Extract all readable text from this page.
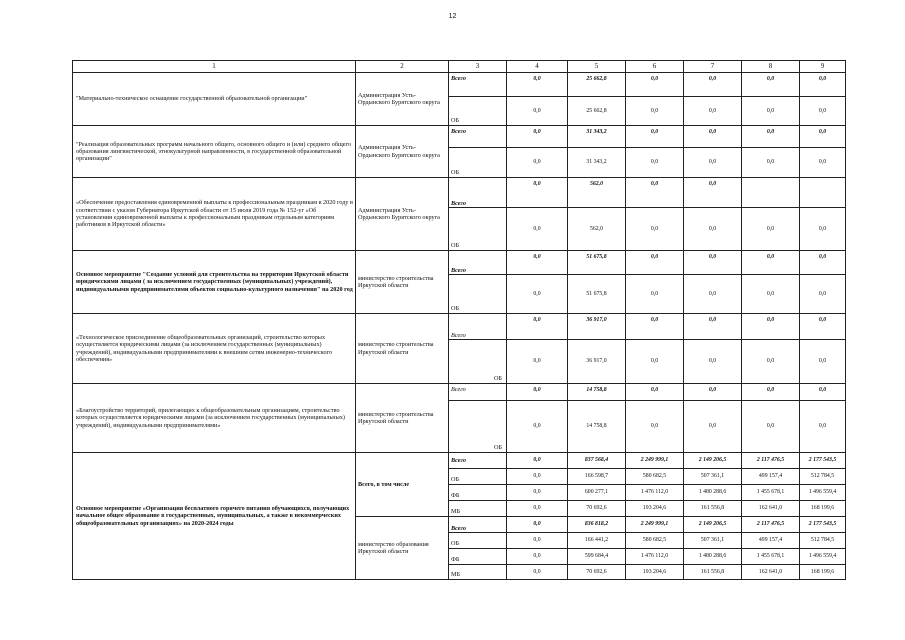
12
1	2	3	4	5	6	7	8	9
"Материально-техническое оснащение государственной образовательной организации"	Администрация Усть-Ордынского Бурятского округа	Всего	0,0	25 662,8	0,0	0,0	0,0	0,0
		ОБ	0,0	25 662,8	0,0	0,0	0,0	0,0
"Реализация образовательных программ начального общего, основного общего и (или) среднего общего образования лингвистической, этнокультурной направленности, в государственной образовательной организации"	Администрация Усть-Ордынского Бурятского округа	Всего	0,0	31 343,2	0,0	0,0	0,0	0,0
		ОБ	0,0	31 343,2	0,0	0,0	0,0	0,0
«Обеспечение предоставления единовременной выплаты к профессиональным праздникам в 2020 году в соответствии с указом Губернатора Иркутской области от 15 июля 2019 года № 152-уг «Об установлении единовременной выплаты к профессиональным праздникам отдельным категориям работников в Иркутской области»	Администрация Усть-Ордынского Бурятского округа	Всего	0,0	562,0	0,0	0,0		
		ОБ	0,0	562,0	0,0	0,0	0,0	0,0
Основное мероприятие "Создание условий для строительства на территории Иркутской области юридическими лицами ( за исключением государственных (муниципальных) учреждений), индивидуальными предпринимателями объектов социально-культурного назначения" на 2020 год	министерство строительства Иркутской области	Всего	0,0	51 675,8	0,0	0,0	0,0	0,0
		ОБ	0,0	51 675,8	0,0	0,0	0,0	0,0
«Технологическое присоединение общеобразовательных организаций, строительство которых осуществляется юридическими лицами (за исключением государственных (муниципальных) учреждений), индивидуальными предпринимателями к внешним сетям инженерно-технического обеспечения»	министерство строительства Иркутской области	Всего	0,0	36 917,0	0,0	0,0	0,0	0,0
		ОБ	0,0	36 917,0	0,0	0,0	0,0	0,0
«Благоустройство территорий, прилегающих к общеобразовательным организациям, строительство которых осуществляется юридическими лицами (за исключением государственных (муниципальных) учреждений), индивидуальными предпринимателями»	министерство строительства Иркутской области	Всего	0,0	14 758,8	0,0	0,0	0,0	0,0
		ОБ	0,0	14 758,8	0,0	0,0	0,0	0,0
Основное мероприятие «Организация бесплатного горячего питания обучающихся, получающих начальное общее образование в государственных, муниципальных, а также в некоммерческих общеобразовательных организациях» на 2020-2024 годы	Всего, в том числе	Всего	0,0	837 568,4	2 249 999,1	2 149 206,5	2 117 476,5	2 177 543,5
		ОБ	0,0	166 598,7	580 682,5	507 361,1	499 157,4	512 784,5
		ФБ	0,0	600 277,1	1 476 112,0	1 480 288,6	1 455 678,1	1 496 559,4
		МБ	0,0	70 692,6	193 204,6	161 556,8	162 641,0	168 199,6
	министерство образования Иркутской области	Всего	0,0	836 818,2	2 249 999,1	2 149 206,5	2 117 476,5	2 177 543,5
		ОБ	0,0	166 441,2	580 682,5	507 361,1	499 157,4	512 784,5
		ФБ	0,0	599 684,4	1 476 112,0	1 480 288,6	1 455 678,1	1 496 559,4
		МБ	0,0	70 692,6	193 204,6	161 556,8	162 641,0	168 199,6
